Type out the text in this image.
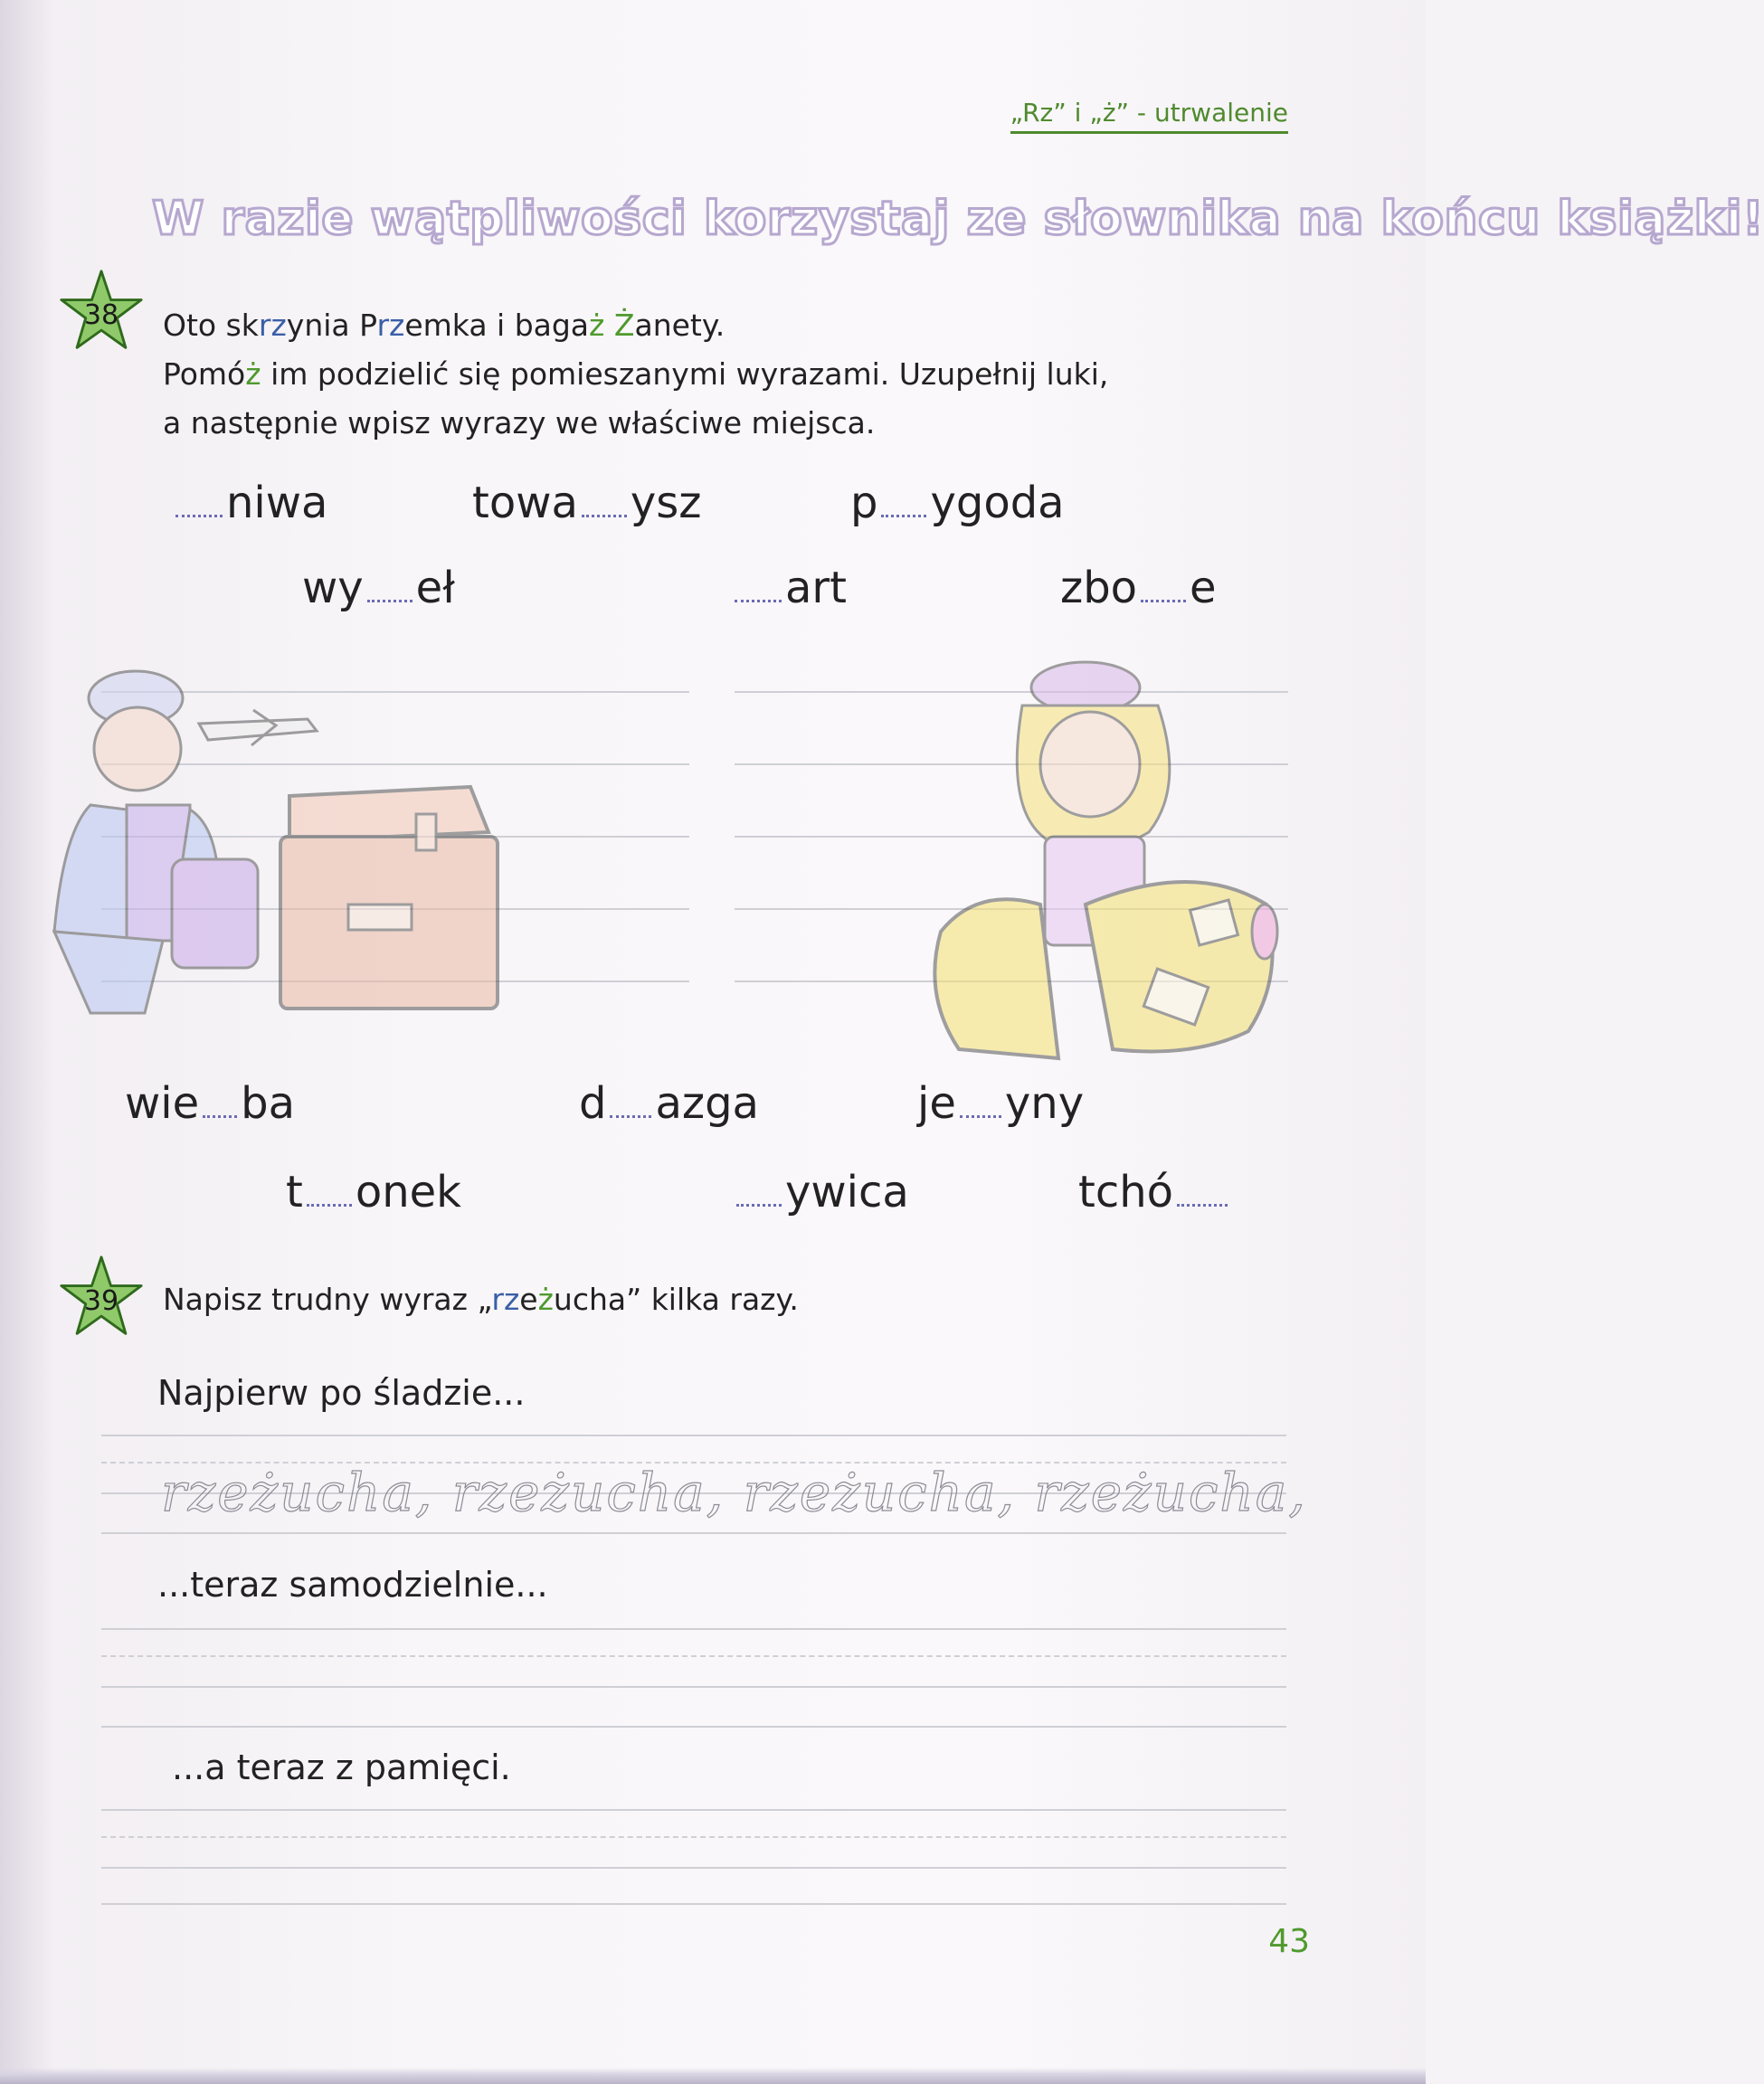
„Rz” i „ż” - utrwalenie
W razie wątpliwości korzystaj ze słownika na końcu książki!
38	Oto skrzynia Przemka i bagaż Żanety.
Pomóż im podzielić się pomieszanymi wyrazami. Uzupełnij luki,
a następnie wpisz wyrazy we właściwe miejsca.
niwa	towa ysz	p ygoda
wy eł	art	zbo e
wie ba	d azga	je yny
t onek	ywica	tchó
39	Napisz trudny wyraz „rzeżucha” kilka razy.
Najpierw po śladzie...
rzeżucha, rzeżucha, rzeżucha, rzeżucha,
...teraz samodzielnie...
...a teraz z pamięci.
43
